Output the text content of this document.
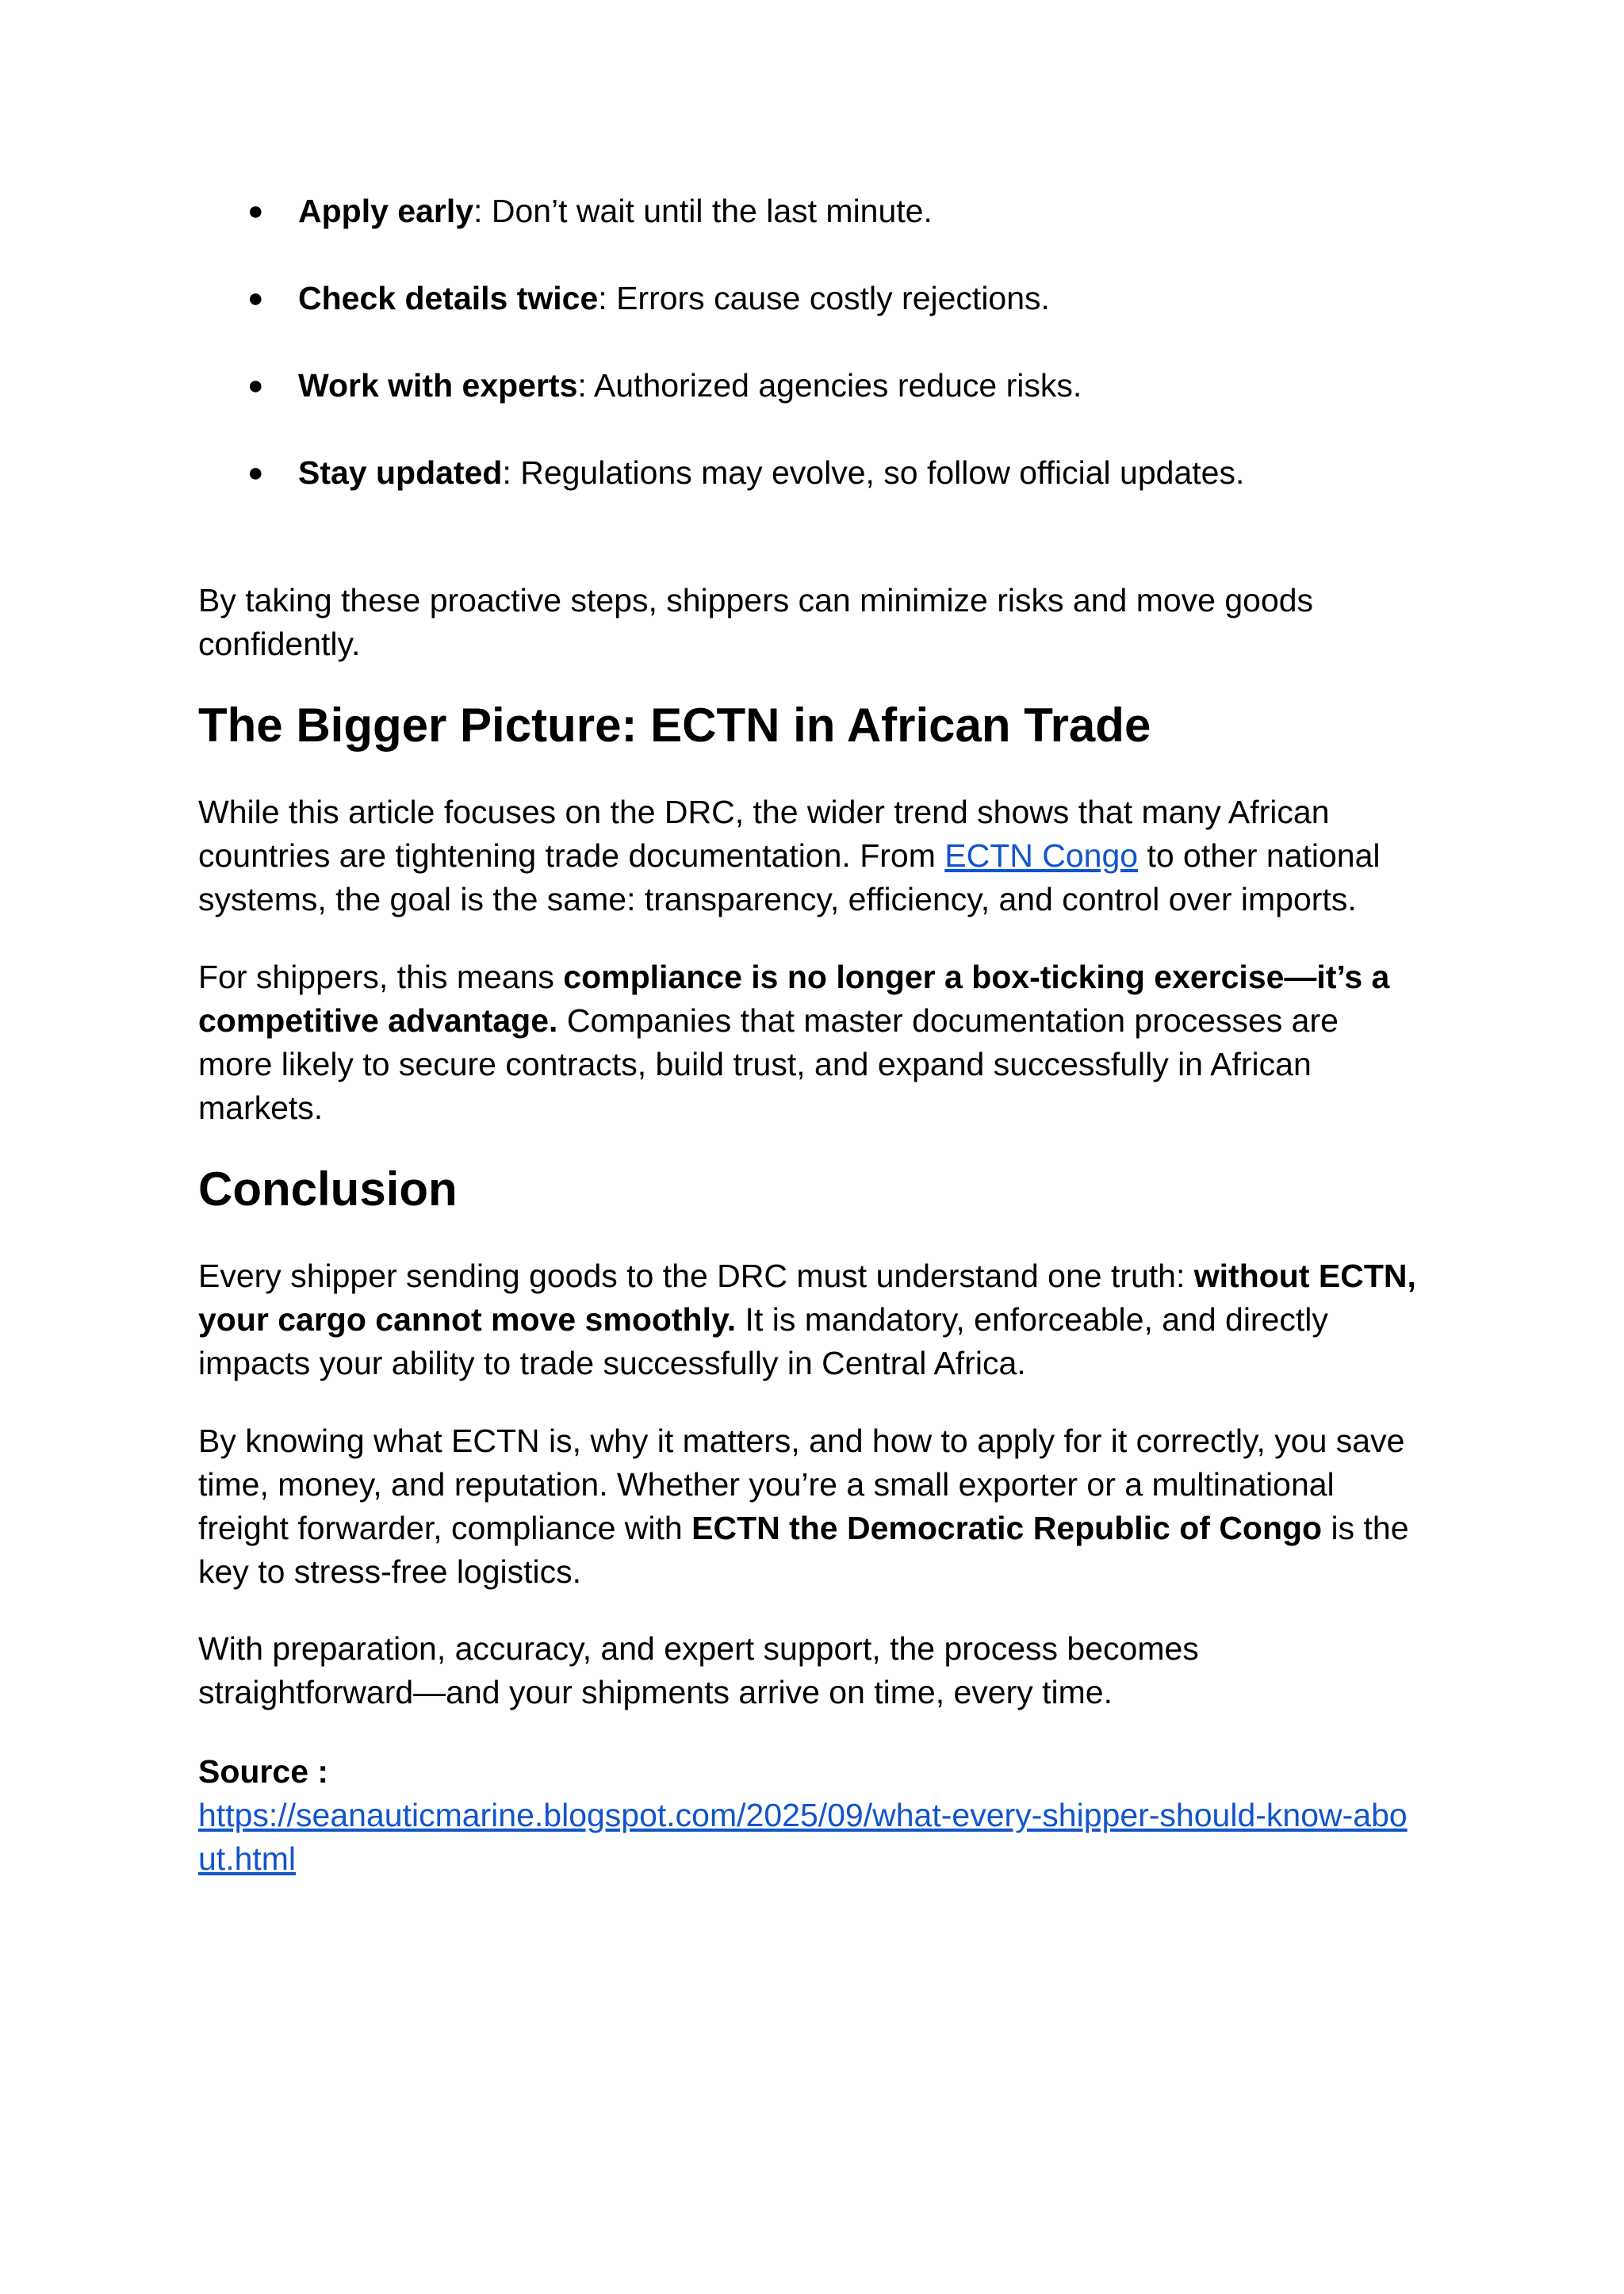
● Apply early: Don’t wait until the last minute.
● Check details twice: Errors cause costly rejections.
● Work with experts: Authorized agencies reduce risks.
● Stay updated: Regulations may evolve, so follow official updates.

By taking these proactive steps, shippers can minimize risks and move goods
confidently.

The Bigger Picture: ECTN in African Trade

While this article focuses on the DRC, the wider trend shows that many African
countries are tightening trade documentation. From ECTN Congo to other national
systems, the goal is the same: transparency, efficiency, and control over imports.

For shippers, this means compliance is no longer a box-ticking exercise—it’s a
competitive advantage. Companies that master documentation processes are
more likely to secure contracts, build trust, and expand successfully in African
markets.

Conclusion

Every shipper sending goods to the DRC must understand one truth: without ECTN,
your cargo cannot move smoothly. It is mandatory, enforceable, and directly
impacts your ability to trade successfully in Central Africa.

By knowing what ECTN is, why it matters, and how to apply for it correctly, you save
time, money, and reputation. Whether you’re a small exporter or a multinational
freight forwarder, compliance with ECTN the Democratic Republic of Congo is the
key to stress-free logistics.

With preparation, accuracy, and expert support, the process becomes
straightforward—and your shipments arrive on time, every time.

Source :
https://seanauticmarine.blogspot.com/2025/09/what-every-shipper-should-know-abo
ut.html
